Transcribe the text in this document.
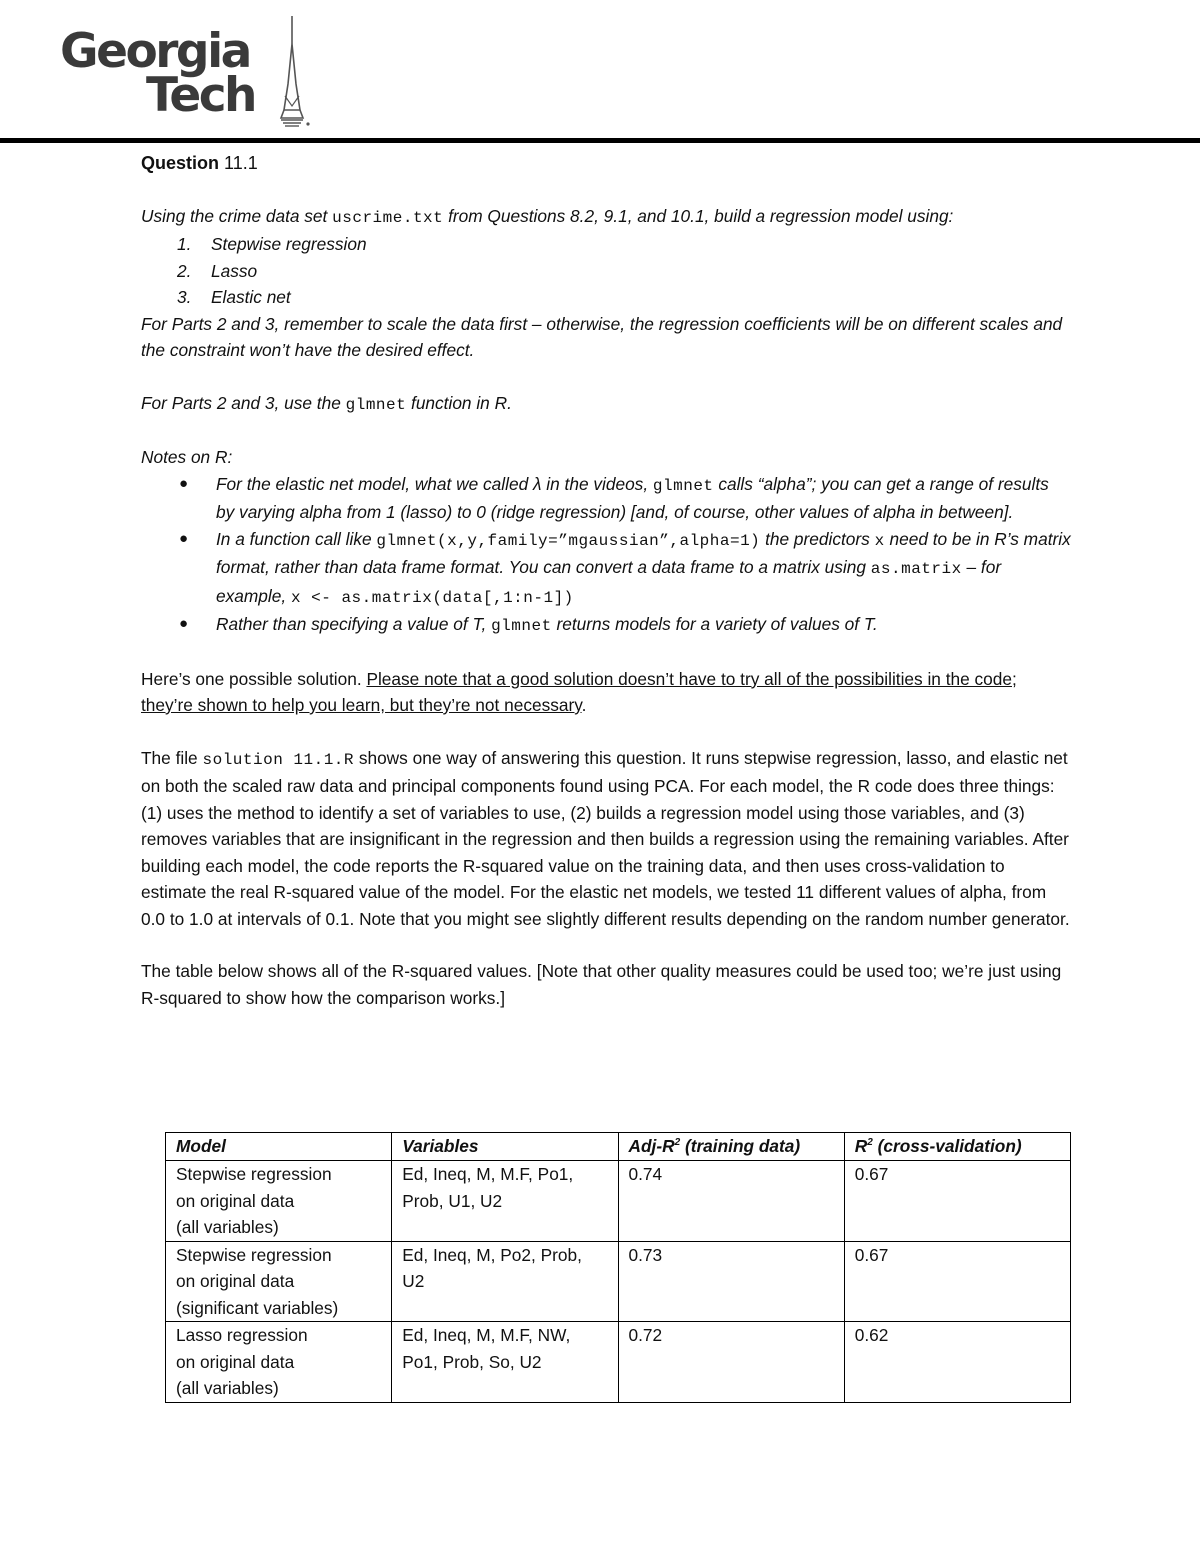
Georgia
Tech

Question 11.1

Using the crime data set uscrime.txt from Questions 8.2, 9.1, and 10.1, build a regression model using:

1. Stepwise regression
2. Lasso
3. Elastic net

For Parts 2 and 3, remember to scale the data first – otherwise, the regression coefficients will be on different scales and the constraint won’t have the desired effect.

For Parts 2 and 3, use the glmnet function in R.

Notes on R:

● For the elastic net model, what we called λ in the videos, glmnet calls “alpha”; you can get a range of results by varying alpha from 1 (lasso) to 0 (ridge regression) [and, of course, other values of alpha in between].
● In a function call like glmnet(x,y,family=”mgaussian”,alpha=1) the predictors x need to be in R’s matrix format, rather than data frame format. You can convert a data frame to a matrix using as.matrix – for example, x <- as.matrix(data[,1:n-1])
● Rather than specifying a value of T, glmnet returns models for a variety of values of T.

Here’s one possible solution. Please note that a good solution doesn’t have to try all of the possibilities in the code; they’re shown to help you learn, but they’re not necessary.

The file solution 11.1.R shows one way of answering this question. It runs stepwise regression, lasso, and elastic net on both the scaled raw data and principal components found using PCA. For each model, the R code does three things: (1) uses the method to identify a set of variables to use, (2) builds a regression model using those variables, and (3) removes variables that are insignificant in the regression and then builds a regression using the remaining variables. After building each model, the code reports the R-squared value on the training data, and then uses cross-validation to estimate the real R-squared value of the model. For the elastic net models, we tested 11 different values of alpha, from 0.0 to 1.0 at intervals of 0.1. Note that you might see slightly different results depending on the random number generator.

The table below shows all of the R-squared values. [Note that other quality measures could be used too; we’re just using R-squared to show how the comparison works.]

Model	Variables	Adj-$R^2$ (training data)	$R^2$ (cross-validation)

Stepwise regression
on original data
(all variables)	Ed, Ineq, M, M.F, Po1, Prob, U1, U2	0.74	0.67

Stepwise regression
on original data
(significant variables)	Ed, Ineq, M, Po2, Prob, U2	0.73	0.67

Lasso regression
on original data
(all variables)	Ed, Ineq, M, M.F, NW, Po1, Prob, So, U2	0.72	0.62
